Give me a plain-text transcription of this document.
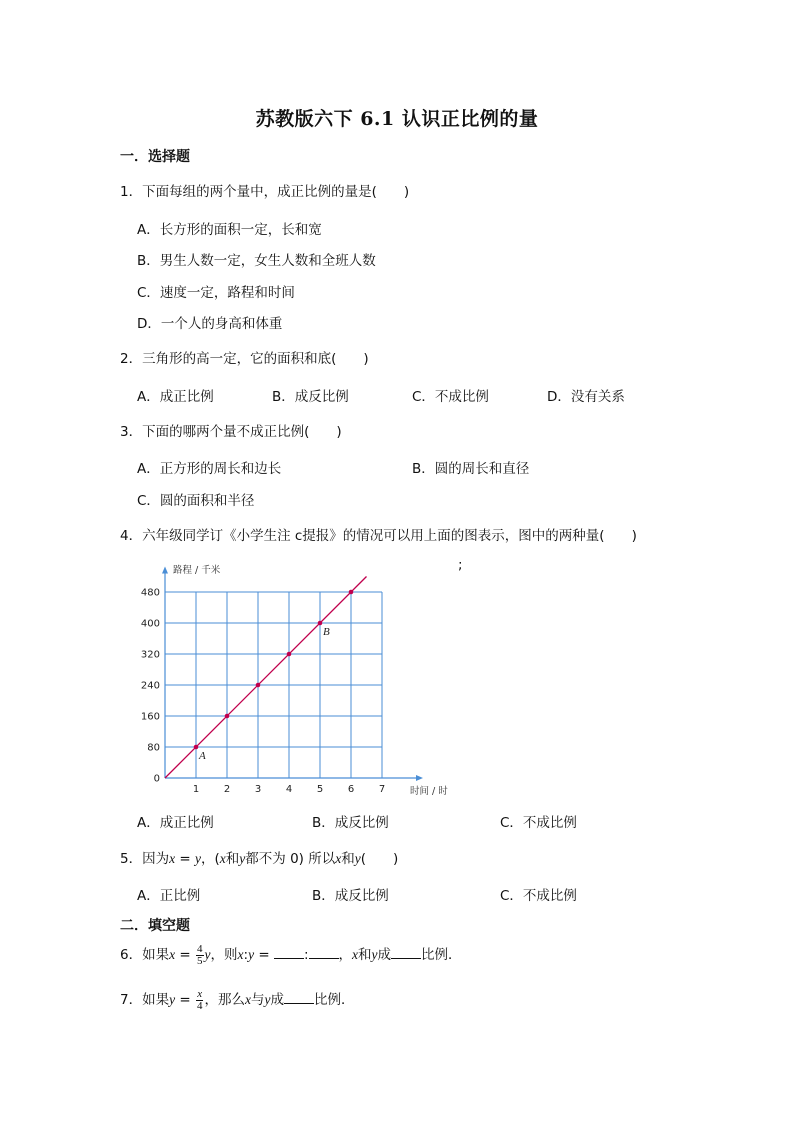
苏教版六下 6.1 认识正比例的量
一．选择题
1．下面每组的两个量中，成正比例的量是(　　)
A．长方形的面积一定，长和宽
B．男生人数一定，女生人数和全班人数
C．速度一定，路程和时间
D．一个人的身高和体重
2．三角形的高一定，它的面积和底(　　)
A．成正比例	B．成反比例	C．不成比例	D．没有关系
3．下面的哪两个量不成正比例(　　)
A．正方形的周长和边长	B．圆的周长和直径
C．圆的面积和半径
4．六年级同学订《小学生注 c提报》的情况可以用上面的图表示，图中的两种量(　　)
;
1 2 3 4 5 6 7
0
80
160
240
320
400
480
A
B
路程 / 千米
时间 / 时
A．成正比例	B．成反比例	C．不成比例
5．因为x = y，(x和y都不为 0) 所以x和y(　　)
A．正比例	B．成反比例	C．不成比例
二．填空题
6．如果$x = \frac{4}{5}$ y，则x:y = : ，x和y成 比例．
7．如果$y = \frac{x}{4}$ ，那么x与y成 比例．
